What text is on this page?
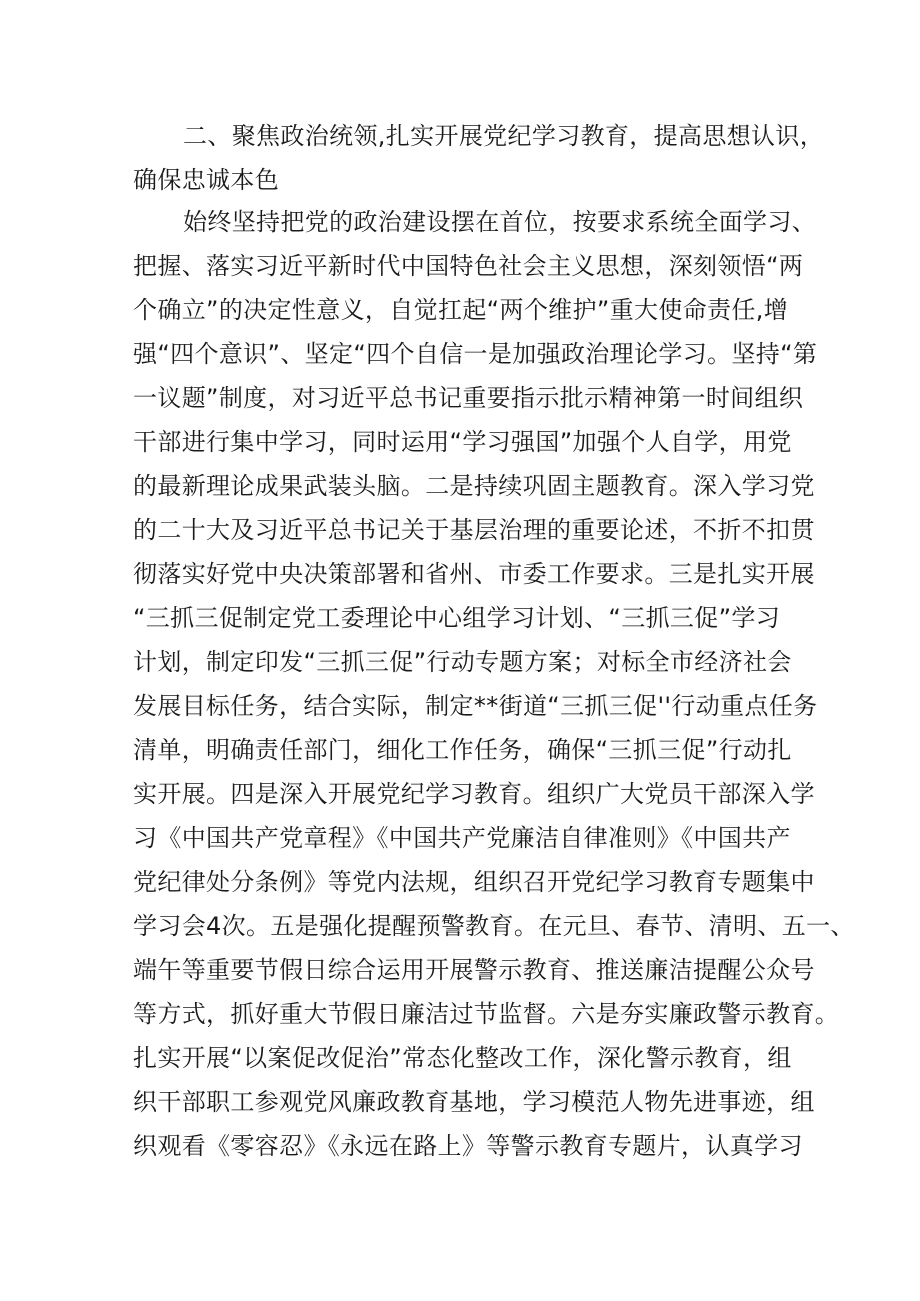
二、聚焦政治统领,扎实开展党纪学习教育，提高思想认识，
确保忠诚本色
始终坚持把党的政治建设摆在首位，按要求系统全面学习、
把握、落实习近平新时代中国特色社会主义思想，深刻领悟“两
个确立”的决定性意义，自觉扛起“两个维护”重大使命责任,增
强“四个意识”、坚定“四个自信一是加强政治理论学习。坚持“第
一议题”制度，对习近平总书记重要指示批示精神第一时间组织
干部进行集中学习，同时运用“学习强国”加强个人自学，用党
的最新理论成果武装头脑。二是持续巩固主题教育。深入学习党
的二十大及习近平总书记关于基层治理的重要论述，不折不扣贯
彻落实好党中央决策部署和省州、市委工作要求。三是扎实开展
“三抓三促制定党工委理论中心组学习计划、“三抓三促”学习
计划，制定印发“三抓三促”行动专题方案；对标全市经济社会
发展目标任务，结合实际，制定**街道“三抓三促''行动重点任务
清单，明确责任部门，细化工作任务，确保“三抓三促”行动扎
实开展。四是深入开展党纪学习教育。组织广大党员干部深入学
习《中国共产党章程》《中国共产党廉洁自律准则》《中国共产
党纪律处分条例》等党内法规，组织召开党纪学习教育专题集中
学习会4次。五是强化提醒预警教育。在元旦、春节、清明、五一、
端午等重要节假日综合运用开展警示教育、推送廉洁提醒公众号
等方式，抓好重大节假日廉洁过节监督。六是夯实廉政警示教育。
扎实开展“以案促改促治”常态化整改工作，深化警示教育，组
织干部职工参观党风廉政教育基地，学习模范人物先进事迹，组
织观看《零容忍》《永远在路上》等警示教育专题片，认真学习
